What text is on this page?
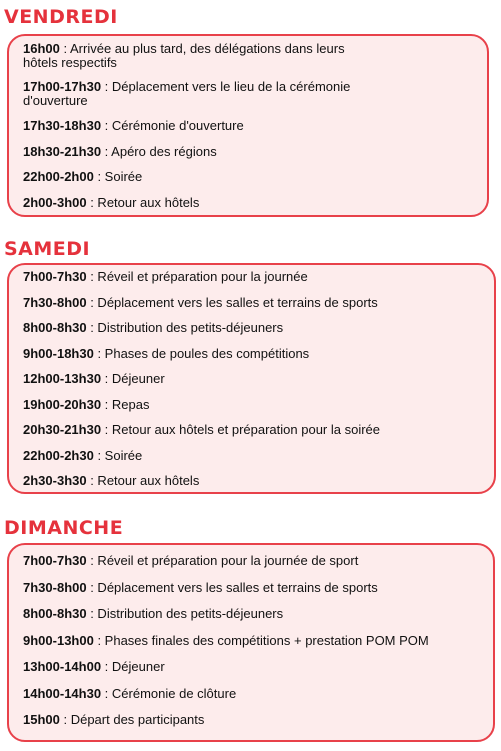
VENDREDI
16h00 : Arrivée au plus tard, des délégations dans leurs
hôtels respectifs
17h00-17h30 : Déplacement vers le lieu de la cérémonie
d'ouverture
17h30-18h30 : Cérémonie d'ouverture
18h30-21h30 : Apéro des régions
22h00-2h00 : Soirée
2h00-3h00 : Retour aux hôtels
SAMEDI
7h00-7h30 : Réveil et préparation pour la journée
7h30-8h00 : Déplacement vers les salles et terrains de sports
8h00-8h30 : Distribution des petits-déjeuners
9h00-18h30 : Phases de poules des compétitions
12h00-13h30 : Déjeuner
19h00-20h30 : Repas
20h30-21h30 : Retour aux hôtels et préparation pour la soirée
22h00-2h30 : Soirée
2h30-3h30 : Retour aux hôtels
DIMANCHE
7h00-7h30 : Réveil et préparation pour la journée de sport
7h30-8h00 : Déplacement vers les salles et terrains de sports
8h00-8h30 : Distribution des petits-déjeuners
9h00-13h00 : Phases finales des compétitions + prestation POM POM
13h00-14h00 : Déjeuner
14h00-14h30 : Cérémonie de clôture
15h00 : Départ des participants
